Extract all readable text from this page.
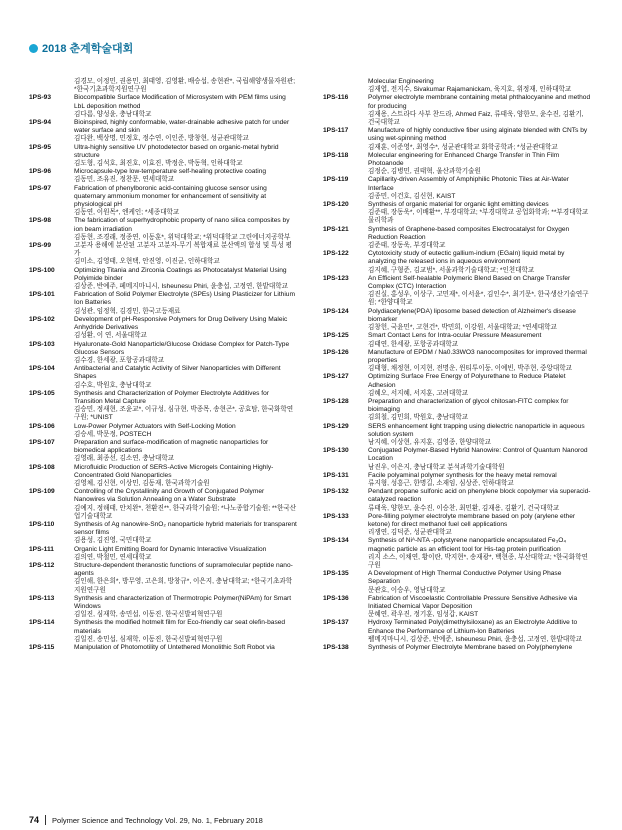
2018 춘계학술대회
김경모, 이정민, 권용민, 최태영, 김영환, 배승섭, 송현관*, 국립해양생물자원관; *한국기초과학지원연구원
1PS-93	Biocompatible Surface Modification of Microsystem with PEM films using LbL deposition method
김다름, 양성윤, 충남대학교
1PS-94	Bioinspired, highly conformable, water-drainable adhesive patch for under water surface and skin
김다완, 백상명, 민정호, 정수연, 이인준, 방창현, 성균관대학교
1PS-95	Ultra-highly sensitive UV photodetector based on organic-metal hybrid structure
김도형, 김석호, 최진호, 이효진, 박정운, 박동혁, 인하대학교
1PS-96	Microcapsule-type low-temperature self-healing protective coating
김동민, 조유진, 정찬문, 연세대학교
1PS-97	Fabrication of phenylboronic acid-containing glucose sensor using quaternary ammonium monomer for enhancement of sensitivity at physiological pH
김동연, 이원목*, 엔케인; *세종대학교
1PS-98	The fabrication of superhydrophobic property of nano silica composites by ion beam irradiation
김동현, 조경래, 정종연, 이동훈*, 위덕대학교; *위덕대학교 그린에너지공학부
1PS-99	고분자 용해에 분산된 고분자 고분자-무기 복합재료 분산액의 합성 및 특성 평가
김미소, 김영태, 오현택, 안진영, 이진균, 인하대학교
1PS-100	Optimizing Titania and Zirconia Coatings as Photocatalyst Material Using Polyimide binder
김상준, 반예주, 페메지마니시, Isheunesu Phiri, 윤충섭, 고정연, 한밭대학교
1PS-101	Fabrication of Solid Polymer Electrolyte (SPEs) Using Plasticizer for Lithium Ion Batteries
김성관, 임정혁, 김경민, 한국고등재료
1PS-102	Development of pH-Responsive Polymers for Drug Delivery Using Maleic Anhydride Derivatives
김성환, 이 연, 서울대학교
1PS-103	Hyaluronate-Gold Nanoparticle/Glucose Oxidase Complex for Patch-Type Glucose Sensors
김수경, 한세광, 포항공과대학교
1PS-104	Antibacterial and Catalytic Activity of Silver Nanoparticles with Different Shapes
김수호, 박원호, 충남대학교
1PS-105	Synthesis and Characterization of Polymer Electrolyte Additives for Transition Metal Capture
김승민, 정새현, 조윤교*, 이규성, 심규현, 박종목, 송현곤*, 공효탐, 한국화학연구원; *UNIST
1PS-106	Low-Power Polymer Actuators with Self-Locking Motion
김승세, 박문정, POSTECH
1PS-107	Preparation and surface-modification of magnetic nanoparticles for biomedical applications
김영래, 최종선, 김소연, 충남대학교
1PS-108	Microfluidic Production of SERS-Active Microgels Containing Highly-Concentrated Gold Nanoparticles
김영체, 김신현, 이상민, 김동재, 한국과학기술원
1PS-109	Controlling of the Crystallinity and Growth of Conjugated Polymer Nanowires via Solution Annealing on a Water Substrate
김예지, 정해태, 안치완*, 천환진**, 한국과학기술원; *나노종합기술원; **한국산업기술대학교
1PS-110	Synthesis of Ag nanowire-SnO₂ nanoparticle hybrid materials for transparent sensor films
김용성, 김진영, 국민대학교
1PS-111	Organic Light Emitting Board for Dynamic Interactive Visualization
김의연, 박철민, 연세대학교
1PS-112	Structure-dependent theranostic functions of supramolecular peptide nano-agents
김인해, 한은희*, 방무영, 고은희, 방창규*, 이은지, 충남대학교; *한국기초과학지원연구원
1PS-113	Synthesis and characterization of Thermotropic Polymer(NiPAm) for Smart Windows
김일진, 심재학, 송민섭, 이동진, 한국신발피혁연구원
1PS-114	Synthesis the modified hotmelt film for Eco-friendly car seat olefin-based materials
김일진, 송민섭, 심재학, 이동진, 한국신발피혁연구원
1PS-115	Manipulation of Photomotility of Untethered Monolithic Soft Robot via
Molecular Engineering
김재엽, 전지수, Sivakumar Rajamanickam, 육지호, 위정재, 인하대학교
1PS-116	Polymer electrolyte membrane containing metal phthalocyanine and method for producing
김재용, 스트라다 사부 찬드라, Ahmed Faiz, 류태욱, 양한모, 윤수진, 김환기, 건국대학교
1PS-117	Manufacture of highly conductive fiber using alginate blended with CNTs by using wet-spinning method
김재훈, 이준영*, 최영수*, 성균관대학교 화학공학과; *성균관대학교
1PS-118	Molecular engineering for Enhanced Charge Transfer in Thin Film Photoanode
김정순, 김병민, 권태혁, 울산과학기술원
1PS-119	Capillarity-driven Assembly of Amphiphilic Photonic Tiles at Air-Water Interface
김종민, 이건호, 김신현, KAIST
1PS-120	Synthesis of organic material for organic light emitting devices
김준태, 장동욱*, 이배환**, 부경대학교; *부경대학교 공업화학과; **부경대학교 물리학과
1PS-121	Synthesis of Graphene-based composites Electrocatalyst for Oxygen Reduction Reaction
김준태, 장동욱, 부경대학교
1PS-122	Cytotoxicity study of eutectic gallium-indium (EGaIn) liquid metal by analyzing the released ions in aqueous environment
김지혜, 구형준, 김교범*, 서울과학기술대학교; *인천대학교
1PS-123	An Efficient Self-healable Polymeric Blend Based on Charge Transfer Complex (CTC) Interaction
김진실, 홍성우, 이상구, 고민재*, 이서윤*, 김인수*, 최기문*, 한국생산기술연구원; *한양대학교
1PS-124	Polydiacetylene(PDA) liposome based detection of Alzheimer's disease biomarker
김창헌, 국윤민*, 고현건*, 박민희, 이강원, 서울대학교; *연세대학교
1PS-125	Smart Contact Lens for Intra-ocular Pressure Measurement
김태연, 한세광, 포항공과대학교
1PS-126	Manufacture of EPDM / Na0.33WO3 nanocomposites for improved thermal properties
김태형, 채정현, 이지현, 전명운, 윈티투이둥, 이예빈, 박주현, 중앙대학교
1PS-127	Optimizing Surface Free Energy of Polyurethane to Reduce Platelet Adhesion
김혜오, 서지혜, 서지훈, 고려대학교
1PS-128	Preparation and characterization of glycol chitosan-FITC complex for bioimaging
김희철, 김민희, 박원호, 충남대학교
1PS-129	SERS enhancement light trapping using dielectric nanoparticle in aqueous solution system
남지혜, 이상현, 유지훈, 김영종, 한양대학교
1PS-130	Conjugated Polymer-Based Hybrid Nanowire: Control of Quantum Nanorod Location
남진우, 이은지, 충남대학교 분석과학기술대학원
1PS-131	Facile polyaminal polymer synthesis for the heavy metal removal
류지형, 성흥근, 한명길, 소재임, 심상준, 인하대학교
1PS-132	Pendant propane sulfonic acid on phenylene block copolymer via superacid-catalyzed reaction
류태욱, 양한모, 윤수진, 이승찬, 최민환, 김재용, 김환기, 건국대학교
1PS-133	Pore-filling polymer electrolyte membrane based on poly (arylene ether ketone) for direct methanol fuel cell applications
리쟁연, 김덕준, 성균관대학교
1PS-134	Synthesis of Niᴬ-NTA -polystyrene nanoparticle encapsulated Fe₃O₄ magnetic particle as an efficient tool for His-tag protein purification
리지 소스, 이채연, 황이란, 박지현*, 송재광*, 백현종, 부산대학교; *한국화학연구원
1PS-135	A Development of High Thermal Conductive Polymer Using Phase Separation
문관호, 이승우, 영남대학교
1PS-136	Fabrication of Viscoelastic Controllable Pressure Sensitive Adhesive via Initiated Chemical Vapor Deposition
문혜연, 곽우진, 정기훈, 임성갑, KAIST
1PS-137	Hydroxy Terminated Poly(dimethylsiloxane) as an Electrolyte Additive to Enhance the Performance of Lithium-Ion Batteries
펠메지마니시, 김상준, 반예준, Isheunesu Phiri, 윤충섭, 고정연, 한밭대학교
1PS-138	Synthesis of Polymer Electrolyte Membrane based on Poly(phenylene
74 Polymer Science and Technology Vol. 29, No. 1, February 2018
